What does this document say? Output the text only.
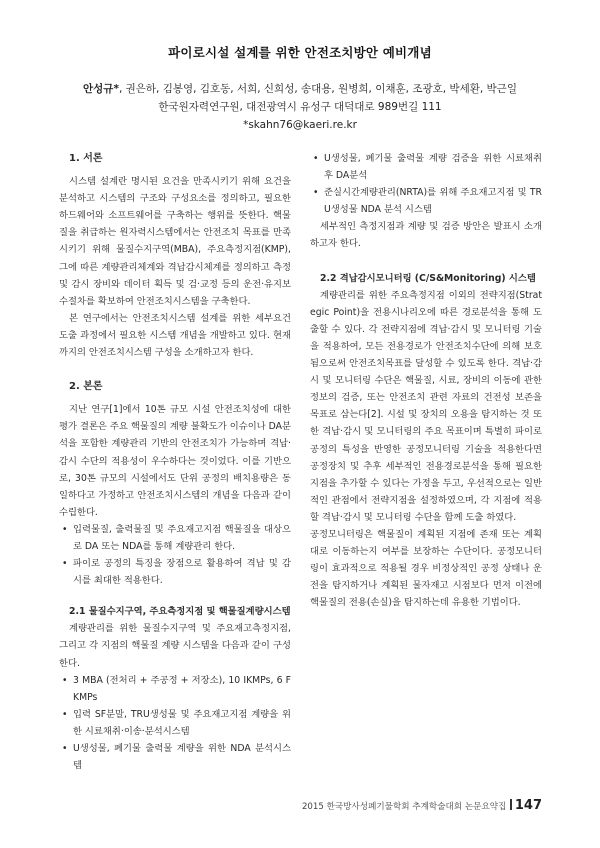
파이로시설 설계를 위한 안전조치방안 예비개념
안성규*, 권은하, 김봉영, 김호동, 서희, 신희성, 송대용, 원병희, 이채훈, 조광호, 박세환, 박근일
한국원자력연구원, 대전광역시 유성구 대덕대로 989번길 111
*skahn76@kaeri.re.kr

1. 서론

시스템 설계란 명시된 요건을 만족시키기 위해 요건을 분석하고 시스템의 구조와 구성요소를 정의하고, 필요한 하드웨어와 소프트웨어를 구축하는 행위를 뜻한다. 핵물질을 취급하는 원자력시스템에서는 안전조치 목표를 만족시키기 위해 물질수지구역(MBA), 주요측정지점(KMP), 그에 따른 계량관리체계와 격납감시체계를 정의하고 측정 및 감시 장비와 데이터 획득 및 검·교정 등의 운전·유지보수절차를 확보하여 안전조치시스템을 구축한다.

본 연구에서는 안전조치시스템 설계를 위한 세부요건 도출 과정에서 필요한 시스템 개념을 개발하고 있다. 현재까지의 안전조치시스템 구성을 소개하고자 한다.

2. 본론

지난 연구[1]에서 10톤 규모 시설 안전조치성에 대한 평가 결론은 주요 핵물질의 계량 불확도가 이슈이나 DA분석을 포함한 계량관리 기반의 안전조치가 가능하며 격납·감시 수단의 적용성이 우수하다는 것이었다. 이를 기반으로, 30톤 규모의 시설에서도 단위 공정의 배치용량은 동일하다고 가정하고 안전조치시스템의 개념을 다음과 같이 수립한다.

• 입력물질, 출력물질 및 주요재고지점 핵물질을 대상으로 DA 또는 NDA를 통해 계량관리 한다.
• 파이로 공정의 특징을 장점으로 활용하여 격납 및 감시를 최대한 적용한다.

2.1 물질수지구역, 주요측정지점 및 핵물질계량시스템

계량관리를 위한 물질수지구역 및 주요재고측정지점, 그리고 각 지점의 핵물질 계량 시스템을 다음과 같이 구성한다.

• 3 MBA (전처리 + 주공정 + 저장소), 10 IKMPs, 6 FKMPs
• 입력 SF분말, TRU생성물 및 주요재고지점 계량을 위한 시료채취·이송·분석시스템
• U생성물, 폐기물 출력물 계량을 위한 NDA 분석시스템
• U생성물, 폐기물 출력물 계량 검증을 위한 시료채취 후 DA분석
• 준실시간계량관리(NRTA)를 위해 주요재고지점 및 TRU생성물 NDA 분석 시스템

세부적인 측정지점과 계량 및 검증 방안은 발표시 소개하고자 한다.

2.2 격납감시모니터링 (C/S&Monitoring) 시스템

계량관리를 위한 주요측정지점 이외의 전략지점(Strategic Point)을 전용시나리오에 따른 경로분석을 통해 도출할 수 있다. 각 전략지점에 격납·감시 및 모니터링 기술을 적용하여, 모든 전용경로가 안전조치수단에 의해 보호됨으로써 안전조치목표를 달성할 수 있도록 한다. 격납·감시 및 모니터링 수단은 핵물질, 시료, 장비의 이동에 관한 정보의 검증, 또는 안전조치 관련 자료의 건전성 보존을 목표로 삼는다[2]. 시설 및 장치의 오용을 탐지하는 것 또한 격납·감시 및 모니터링의 주요 목표이며 특별히 파이로 공정의 특성을 반영한 공정모니터링 기술을 적용한다면 공정장치 및 추후 세부적인 전용경로분석을 통해 필요한 지점을 추가할 수 있다는 가정을 두고, 우선적으로는 일반적인 관점에서 전략지점을 설정하였으며, 각 지점에 적용할 격납·감시 및 모니터링 수단을 함께 도출 하였다.

공정모니터링은 핵물질이 계획된 지점에 존재 또는 계획대로 이동하는지 여부를 보장하는 수단이다. 공정모니터링이 효과적으로 적용될 경우 비정상적인 공정 상태나 운전을 탐지하거나 계획된 물자재고 시점보다 먼저 이전에 핵물질의 전용(손실)을 탐지하는데 유용한 기법이다.

2015 한국방사성폐기물학회 추계학술대회 논문요약집 147
